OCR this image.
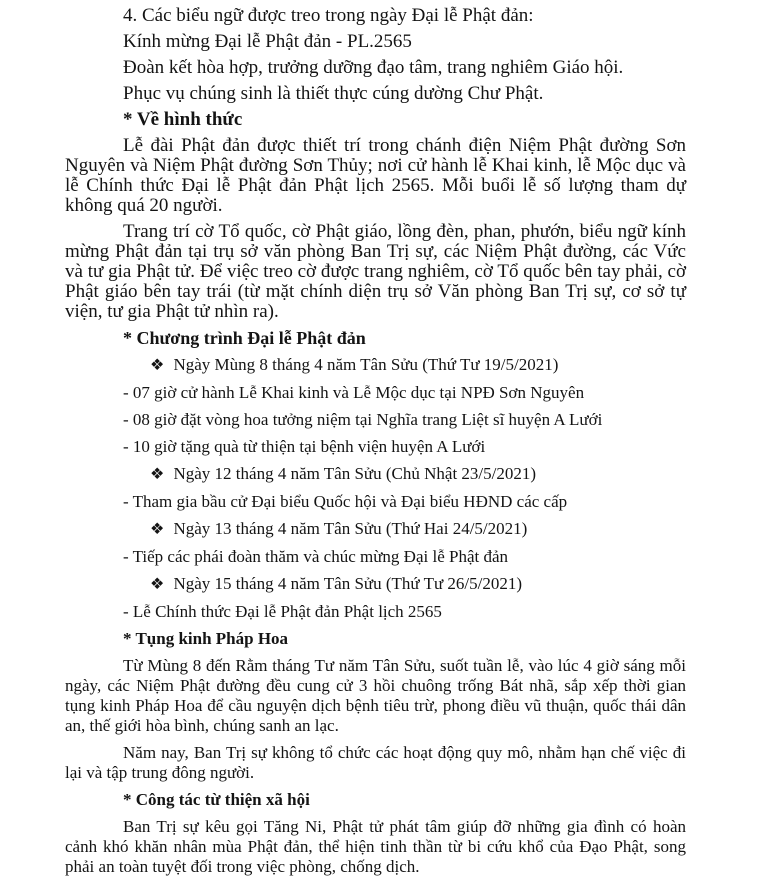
4. Các biểu ngữ được treo trong ngày Đại lễ Phật đản:
Kính mừng Đại lễ Phật đản - PL.2565
Đoàn kết hòa hợp, trưởng dưỡng đạo tâm, trang nghiêm Giáo hội.
Phục vụ chúng sinh là thiết thực cúng dường Chư Phật.
* Về hình thức
Lễ đài Phật đản được thiết trí trong chánh điện Niệm Phật đường Sơn Nguyên và Niệm Phật đường Sơn Thủy; nơi cử hành lễ Khai kinh, lễ Mộc dục và lễ Chính thức Đại lễ Phật đản Phật lịch 2565. Mỗi buổi lễ số lượng tham dự không quá 20 người.
Trang trí cờ Tổ quốc, cờ Phật giáo, lồng đèn, phan, phướn, biểu ngữ kính mừng Phật đản tại trụ sở văn phòng Ban Trị sự, các Niệm Phật đường, các Vức và tư gia Phật tử. Để việc treo cờ được trang nghiêm, cờ Tổ quốc bên tay phải, cờ Phật giáo bên tay trái (từ mặt chính diện trụ sở Văn phòng Ban Trị sự, cơ sở tự viện, tư gia Phật tử nhìn ra).
* Chương trình Đại lễ Phật đản
❖ Ngày Mùng 8 tháng 4 năm Tân Sửu (Thứ Tư 19/5/2021)
- 07 giờ cử hành Lễ Khai kinh và Lễ Mộc dục tại NPĐ Sơn Nguyên
- 08 giờ đặt vòng hoa tưởng niệm tại Nghĩa trang Liệt sĩ huyện A Lưới
- 10 giờ tặng quà từ thiện tại bệnh viện huyện A Lưới
❖ Ngày 12 tháng 4 năm Tân Sửu (Chủ Nhật 23/5/2021)
- Tham gia bầu cử Đại biểu Quốc hội và Đại biểu HĐND các cấp
❖ Ngày 13 tháng 4 năm Tân Sửu (Thứ Hai 24/5/2021)
- Tiếp các phái đoàn thăm và chúc mừng Đại lễ Phật đản
❖ Ngày 15 tháng 4 năm Tân Sửu (Thứ Tư 26/5/2021)
- Lễ Chính thức Đại lễ Phật đản Phật lịch 2565
* Tụng kinh Pháp Hoa
Từ Mùng 8 đến Rằm tháng Tư năm Tân Sửu, suốt tuần lễ, vào lúc 4 giờ sáng mỗi ngày, các Niệm Phật đường đều cung cử 3 hồi chuông trống Bát nhã, sắp xếp thời gian tụng kinh Pháp Hoa để cầu nguyện dịch bệnh tiêu trừ, phong điều vũ thuận, quốc thái dân an, thế giới hòa bình, chúng sanh an lạc.
Năm nay, Ban Trị sự không tổ chức các hoạt động quy mô, nhằm hạn chế việc đi lại và tập trung đông người.
* Công tác từ thiện xã hội
Ban Trị sự kêu gọi Tăng Ni, Phật tử phát tâm giúp đỡ những gia đình có hoàn cảnh khó khăn nhân mùa Phật đản, thể hiện tinh thần từ bi cứu khổ của Đạo Phật, song phải an toàn tuyệt đối trong việc phòng, chống dịch.
